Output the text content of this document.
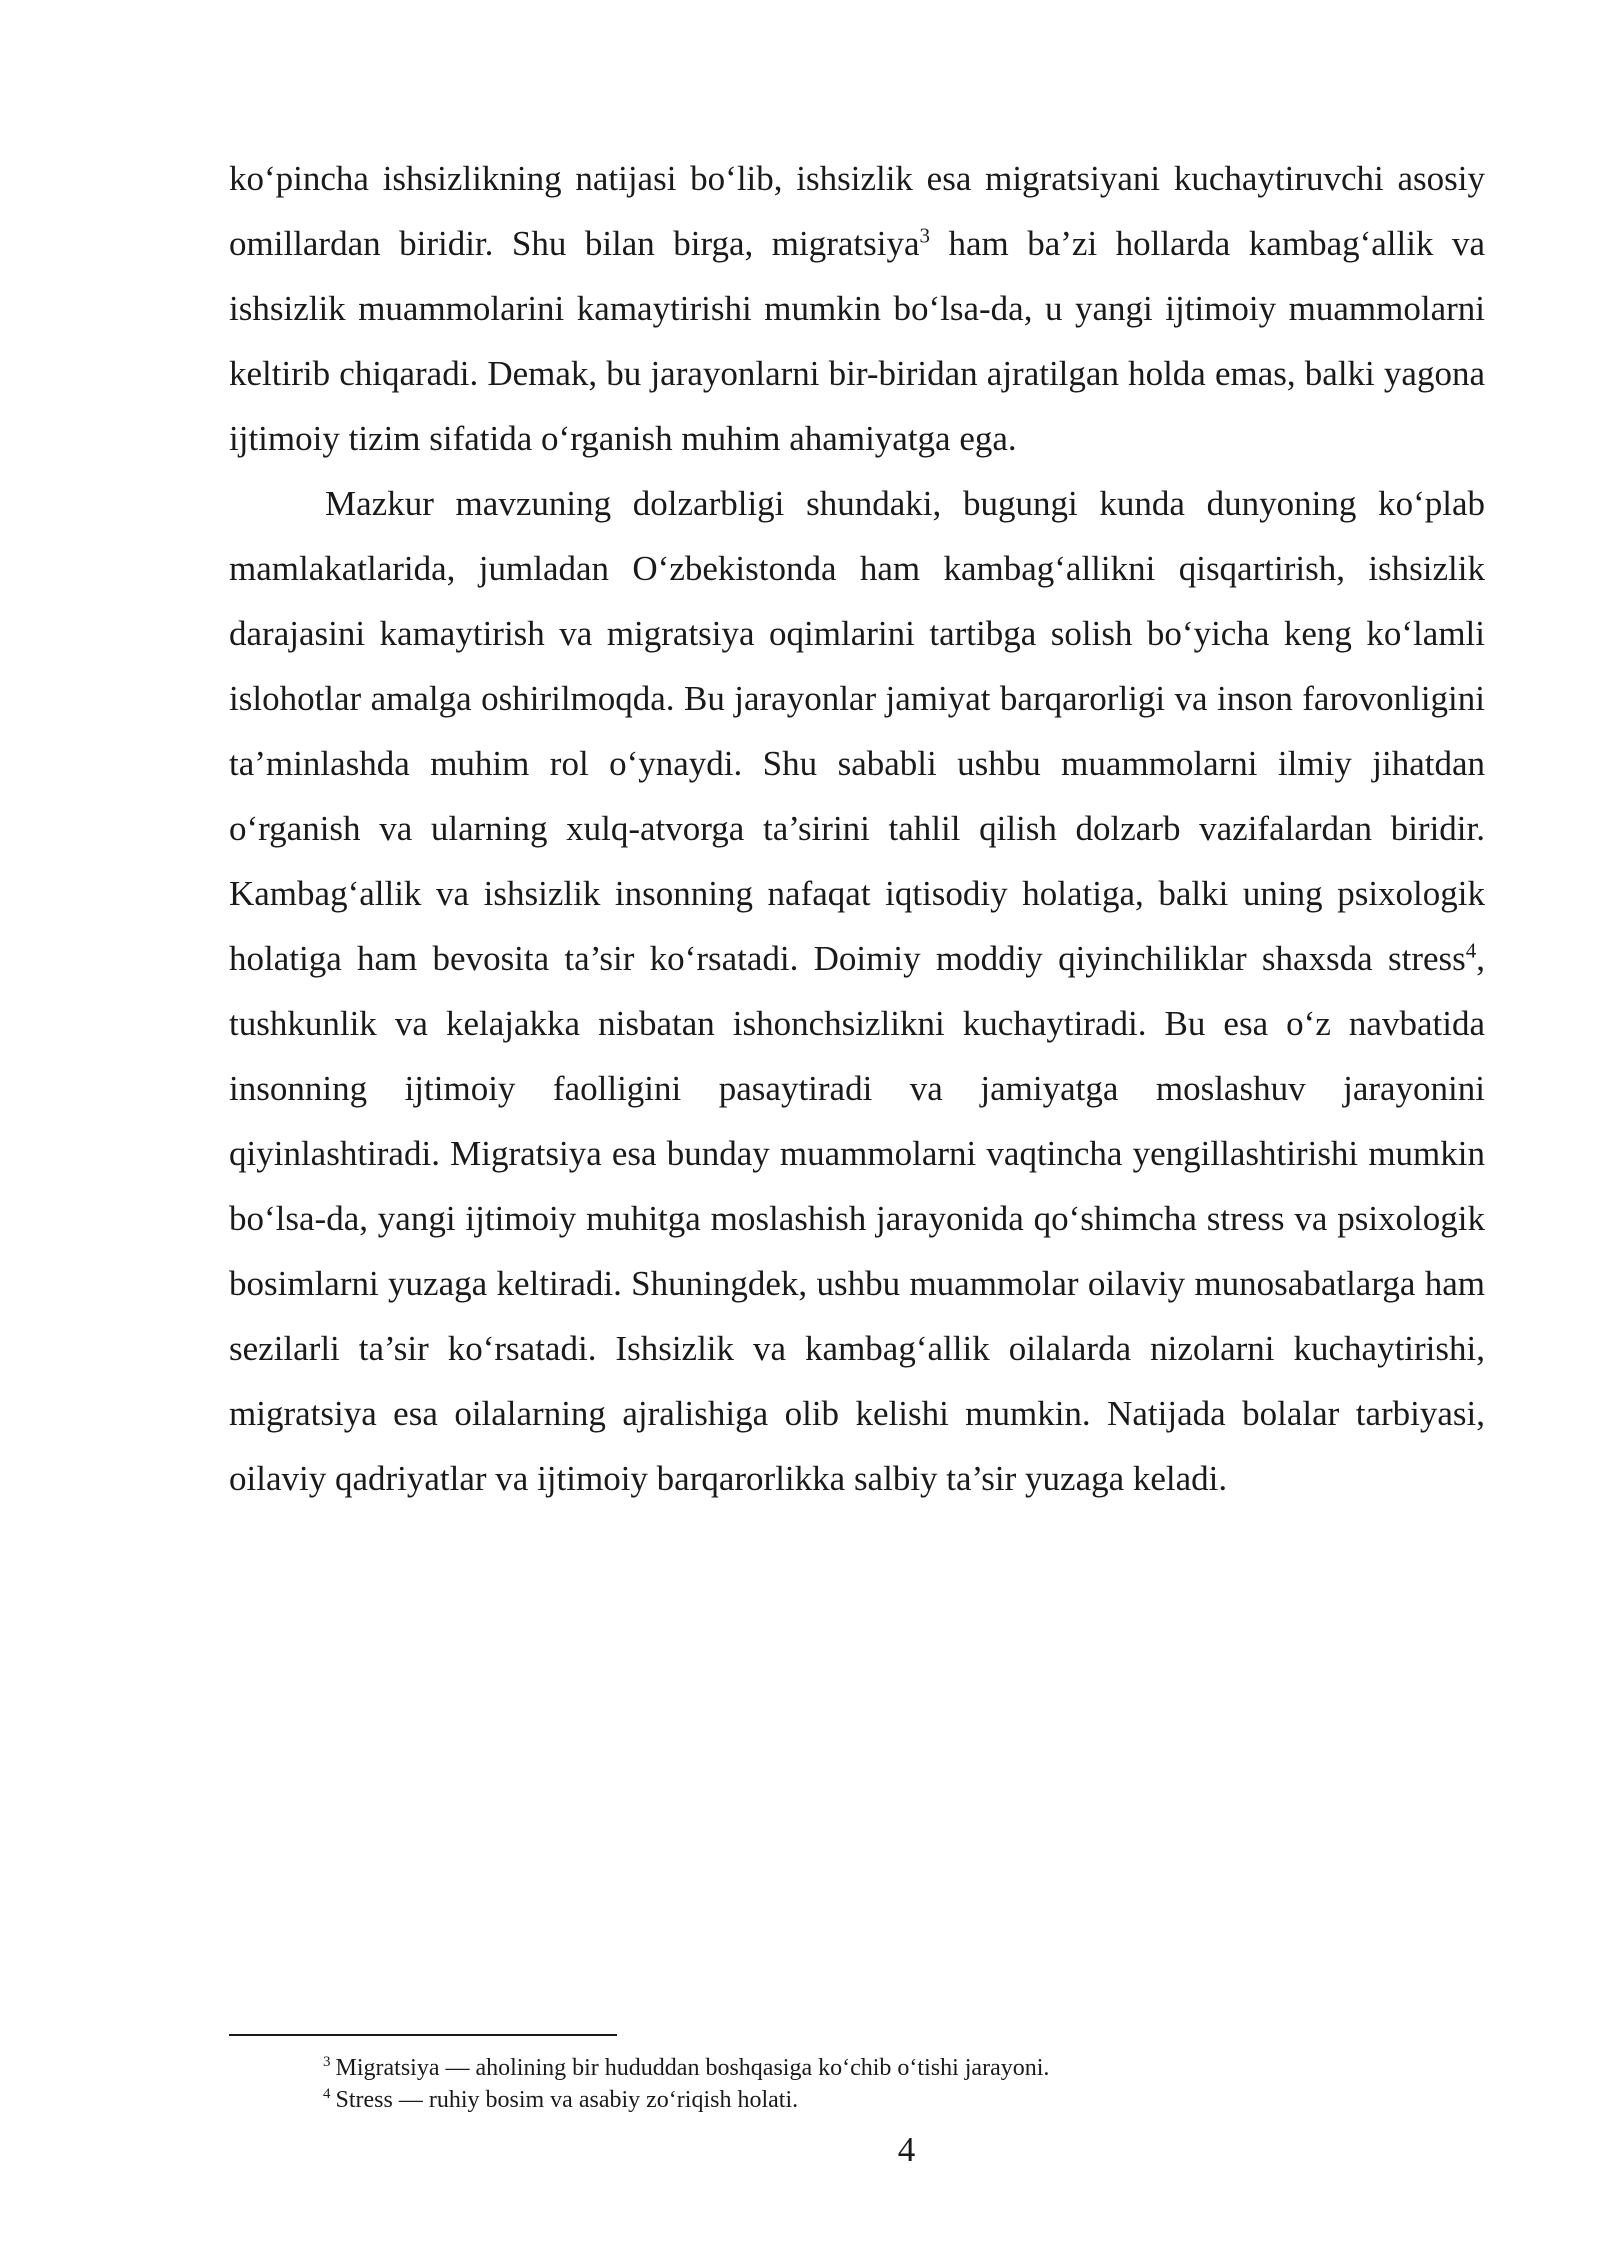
ko‘pincha ishsizlikning natijasi bo‘lib, ishsizlik esa migratsiyani kuchaytiruvchi asosiy omillardan biridir. Shu bilan birga, migratsiya$^3$ ham ba’zi hollarda kambag‘allik va ishsizlik muammolarini kamaytirishi mumkin bo‘lsa-da, u yangi ijtimoiy muammolarni keltirib chiqaradi. Demak, bu jarayonlarni bir-biridan ajratilgan holda emas, balki yagona ijtimoiy tizim sifatida o‘rganish muhim ahamiyatga ega.

Mazkur mavzuning dolzarbligi shundaki, bugungi kunda dunyoning ko‘plab mamlakatlarida, jumladan O‘zbekistonda ham kambag‘allikni qisqartirish, ishsizlik darajasini kamaytirish va migratsiya oqimlarini tartibga solish bo‘yicha keng ko‘lamli islohotlar amalga oshirilmoqda. Bu jarayonlar jamiyat barqarorligi va inson farovonligini ta’minlashda muhim rol o‘ynaydi. Shu sababli ushbu muammolarni ilmiy jihatdan o‘rganish va ularning xulq-atvorga ta’sirini tahlil qilish dolzarb vazifalardan biridir. Kambag‘allik va ishsizlik insonning nafaqat iqtisodiy holatiga, balki uning psixologik holatiga ham bevosita ta’sir ko‘rsatadi. Doimiy moddiy qiyinchiliklar shaxsda stress$^4$, tushkunlik va kelajakka nisbatan ishonchsizlikni kuchaytiradi. Bu esa o‘z navbatida insonning ijtimoiy faolligini pasaytiradi va jamiyatga moslashuv jarayonini qiyinlashtiradi. Migratsiya esa bunday muammolarni vaqtincha yengillashtirishi mumkin bo‘lsa-da, yangi ijtimoiy muhitga moslashish jarayonida qo‘shimcha stress va psixologik bosimlarni yuzaga keltiradi. Shuningdek, ushbu muammolar oilaviy munosabatlarga ham sezilarli ta’sir ko‘rsatadi. Ishsizlik va kambag‘allik oilalarda nizolarni kuchaytirishi, migratsiya esa oilalarning ajralishiga olib kelishi mumkin. Natijada bolalar tarbiyasi, oilaviy qadriyatlar va ijtimoiy barqarorlikka salbiy ta’sir yuzaga keladi.

$^3$ Migratsiya — aholining bir hududdan boshqasiga ko‘chib o‘tishi jarayoni.

$^4$ Stress — ruhiy bosim va asabiy zo‘riqish holati.

4
